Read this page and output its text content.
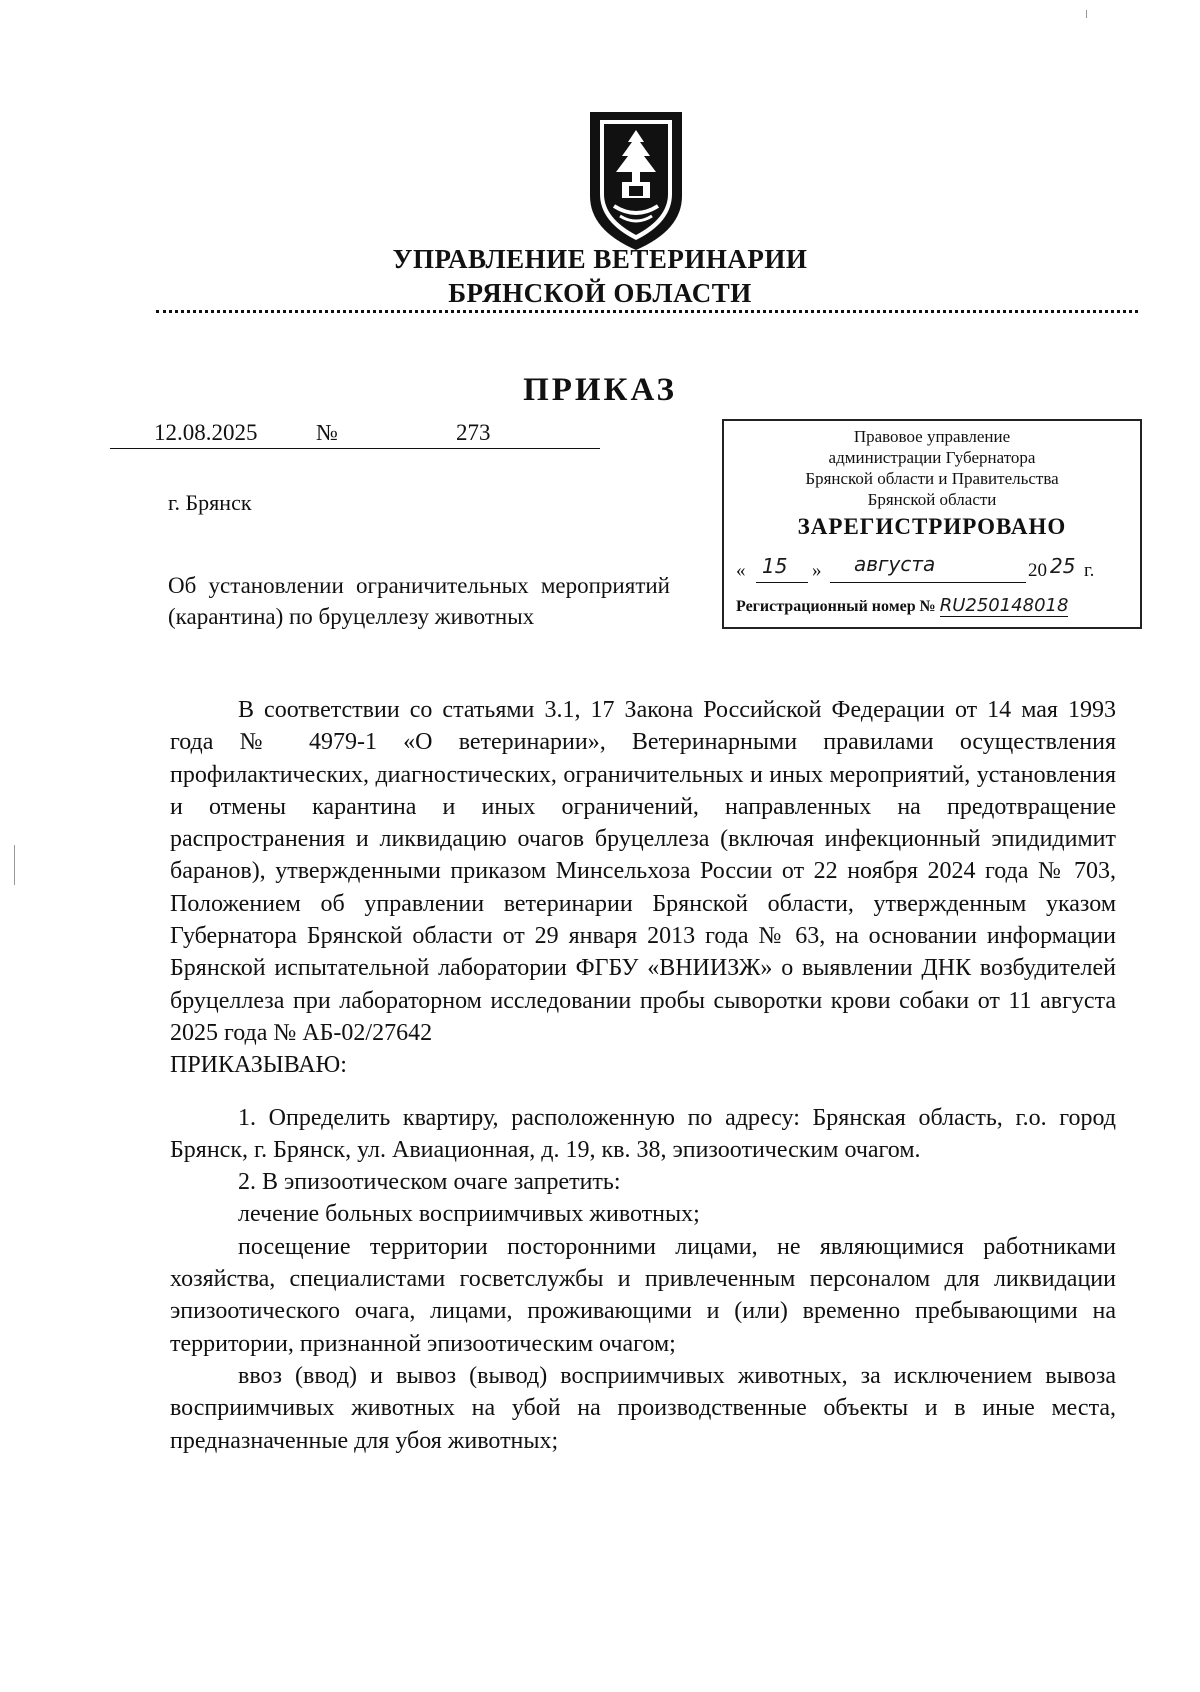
УПРАВЛЕНИЕ ВЕТЕРИНАРИИ
БРЯНСКОЙ ОБЛАСТИ
ПРИКАЗ
12.08.2025	№	273
г. Брянск
Об установлении ограничительных мероприятий (карантина) по бруцеллезу животных
Правовое управление
администрации Губернатора
Брянской области и Правительства
Брянской области
ЗАРЕГИСТРИРОВАНО
« 15 » августа	20 25 г.
Регистрационный номер № RU250148018

В соответствии со статьями 3.1, 17 Закона Российской Федерации от 14 мая 1993 года № 4979-1 «О ветеринарии», Ветеринарными правилами осуществления профилактических, диагностических, ограничительных и иных мероприятий, установления и отмены карантина и иных ограничений, направленных на предотвращение распространения и ликвидацию очагов бруцеллеза (включая инфекционный эпидидимит баранов), утвержденными приказом Минсельхоза России от 22 ноября 2024 года № 703, Положением об управлении ветеринарии Брянской области, утвержденным указом Губернатора Брянской области от 29 января 2013 года № 63, на основании информации Брянской испытательной лаборатории ФГБУ «ВНИИЗЖ» о выявлении ДНК возбудителей бруцеллеза при лабораторном исследовании пробы сыворотки крови собаки от 11 августа 2025 года № АБ-02/27642

ПРИКАЗЫВАЮ:

1. Определить квартиру, расположенную по адресу: Брянская область, г.о. город Брянск, г. Брянск, ул. Авиационная, д. 19, кв. 38, эпизоотическим очагом.

2. В эпизоотическом очаге запретить:

лечение больных восприимчивых животных;

посещение территории посторонними лицами, не являющимися работниками хозяйства, специалистами госветслужбы и привлеченным персоналом для ликвидации эпизоотического очага, лицами, проживающими и (или) временно пребывающими на территории, признанной эпизоотическим очагом;

ввоз (ввод) и вывоз (вывод) восприимчивых животных, за исключением вывоза восприимчивых животных на убой на производственные объекты и в иные места, предназначенные для убоя животных;
